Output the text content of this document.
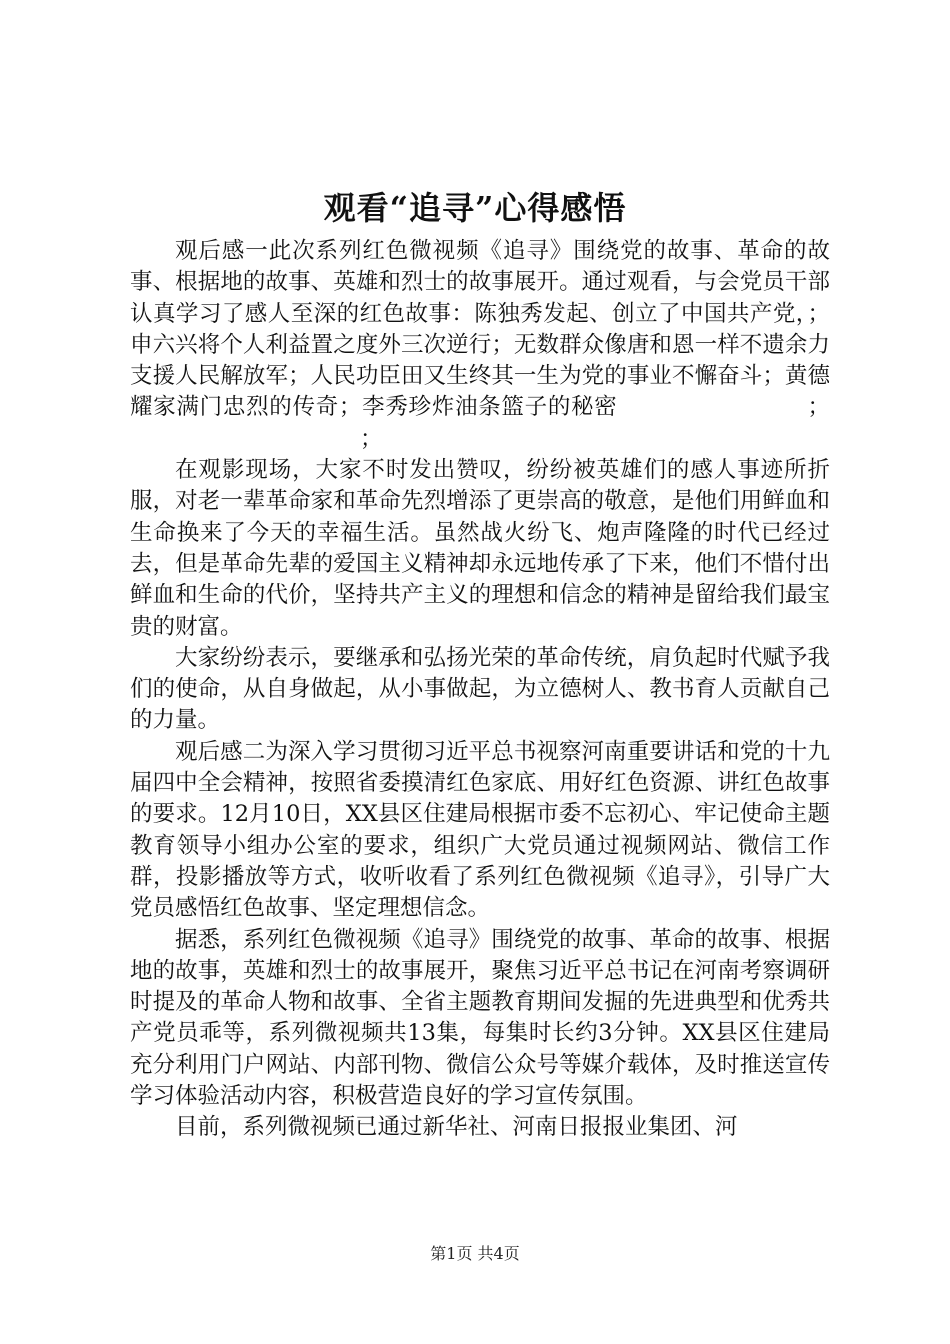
观看“追寻”心得感悟

观后感一此次系列红色微视频《追寻》围绕党的故事、革命的故事、根据地的故事、英雄和烈士的故事展开。通过观看，与会党员干部认真学习了感人至深的红色故事：陈独秀发起、创立了中国共产党，；申六兴将个人利益置之度外三次逆行；无数群众像唐和恩一样不遗余力支援人民解放军；人民功臣田又生终其一生为党的事业不懈奋斗；黄德耀家满门忠烈的传奇；李秀珍炸油条篮子的秘密	；；

在观影现场，大家不时发出赞叹，纷纷被英雄们的感人事迹所折服，对老一辈革命家和革命先烈增添了更崇高的敬意，是他们用鲜血和生命换来了今天的幸福生活。虽然战火纷飞、炮声隆隆的时代已经过去，但是革命先辈的爱国主义精神却永远地传承了下来，他们不惜付出鲜血和生命的代价，坚持共产主义的理想和信念的精神是留给我们最宝贵的财富。

大家纷纷表示，要继承和弘扬光荣的革命传统，肩负起时代赋予我们的使命，从自身做起，从小事做起，为立德树人、教书育人贡献自己的力量。

观后感二为深入学习贯彻习近平总书视察河南重要讲话和党的十九届四中全会精神，按照省委摸清红色家底、用好红色资源、讲红色故事的要求。12月10日，XX县区住建局根据市委不忘初心、牢记使命主题教育领导小组办公室的要求，组织广大党员通过视频网站、微信工作群，投影播放等方式，收听收看了系列红色微视频《追寻》，引导广大党员感悟红色故事、坚定理想信念。

据悉，系列红色微视频《追寻》围绕党的故事、革命的故事、根据地的故事，英雄和烈士的故事展开，聚焦习近平总书记在河南考察调研时提及的革命人物和故事、全省主题教育期间发掘的先进典型和优秀共产党员乖等，系列微视频共13集，每集时长约3分钟。XX县区住建局充分利用门户网站、内部刊物、微信公众号等媒介载体，及时推送宣传学习体验活动内容，积极营造良好的学习宣传氛围。

目前，系列微视频已通过新华社、河南日报报业集团、河

第1页 共4页
